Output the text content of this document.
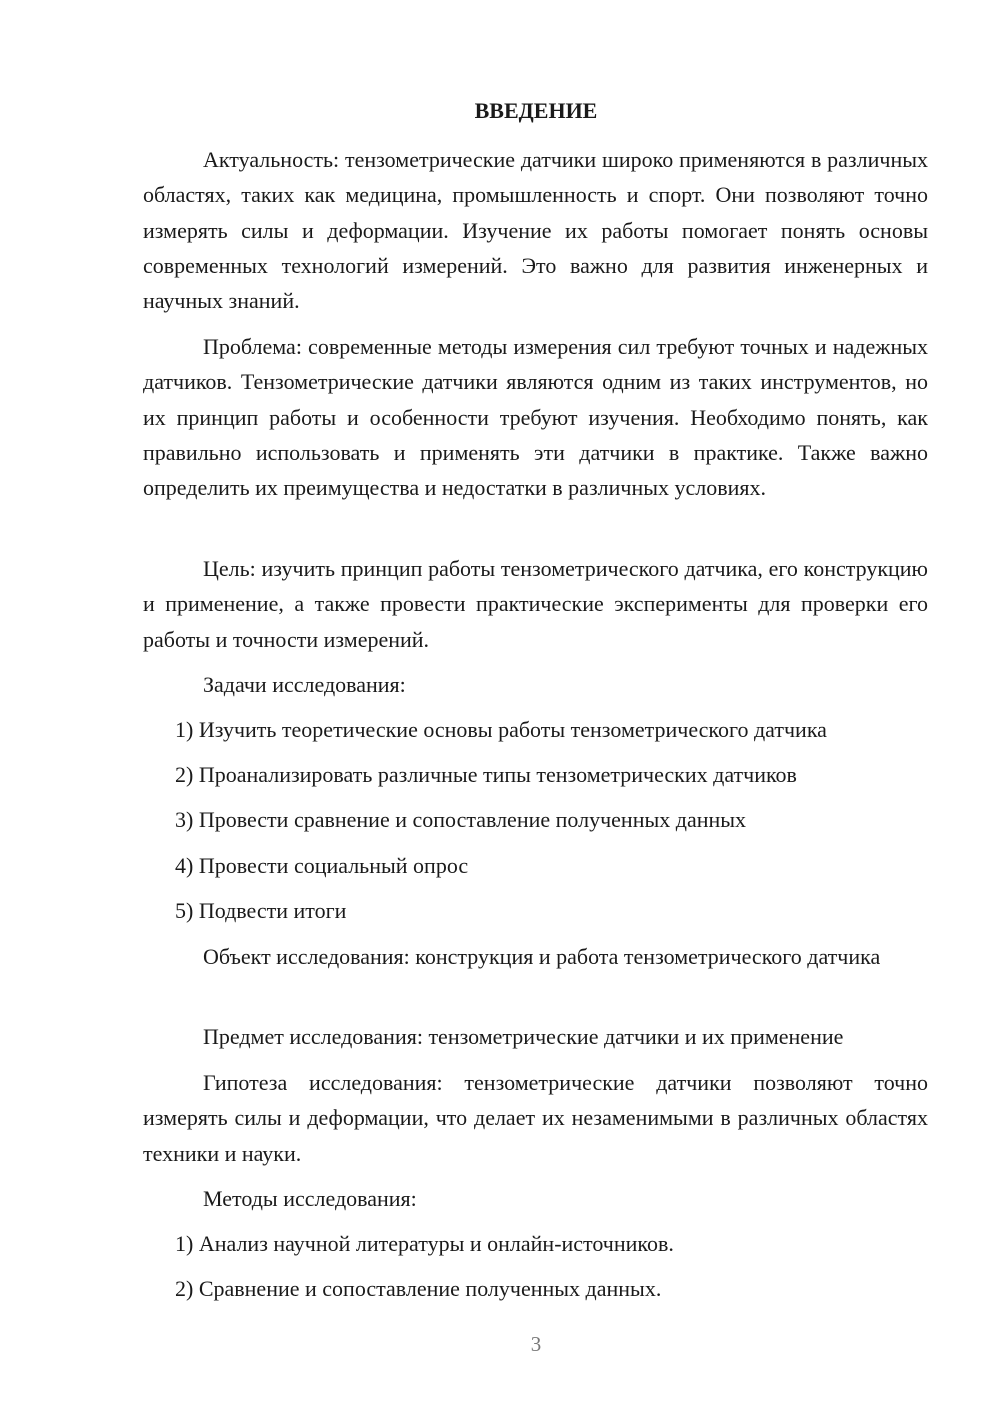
ВВЕДЕНИЕ
Актуальность: тензометрические датчики широко применяются в различных областях, таких как медицина, промышленность и спорт. Они позволяют точно измерять силы и деформации. Изучение их работы помогает понять основы современных технологий измерений. Это важно для развития инженерных и научных знаний.
Проблема: современные методы измерения сил требуют точных и надежных датчиков. Тензометрические датчики являются одним из таких инструментов, но их принцип работы и особенности требуют изучения. Необходимо понять, как правильно использовать и применять эти датчики в практике. Также важно определить их преимущества и недостатки в различных условиях.
Цель: изучить принцип работы тензометрического датчика, его конструкцию и применение, а также провести практические эксперименты для проверки его работы и точности измерений.
Задачи исследования:
1) Изучить теоретические основы работы тензометрического датчика
2) Проанализировать различные типы тензометрических датчиков
3) Провести сравнение и сопоставление полученных данных
4) Провести социальный опрос
5) Подвести итоги
Объект исследования: конструкция и работа тензометрического датчика
Предмет исследования: тензометрические датчики и их применение
Гипотеза исследования: тензометрические датчики позволяют точно измерять силы и деформации, что делает их незаменимыми в различных областях техники и науки.
Методы исследования:
1) Анализ научной литературы и онлайн-источников.
2) Сравнение и сопоставление полученных данных.
3
